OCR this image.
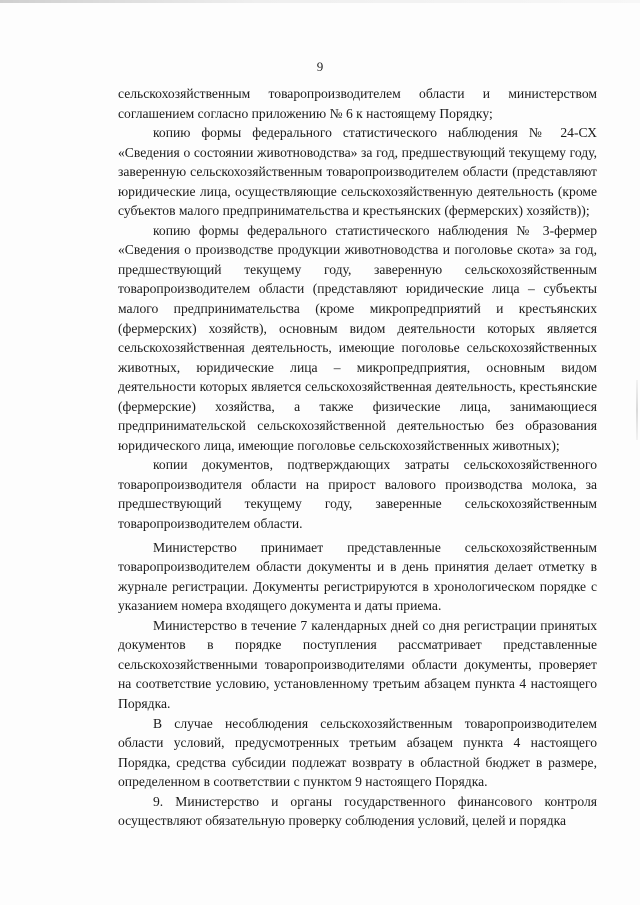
9

сельскохозяйственным товаропроизводителем области и министерством соглашением согласно приложению № 6 к настоящему Порядку;

копию формы федерального статистического наблюдения № 24-СХ «Сведения о состоянии животноводства» за год, предшествующий текущему году, заверенную сельскохозяйственным товаропроизводителем области (представляют юридические лица, осуществляющие сельскохозяйственную деятельность (кроме субъектов малого предпринимательства и крестьянских (фермерских) хозяйств));

копию формы федерального статистического наблюдения № 3-фермер «Сведения о производстве продукции животноводства и поголовье скота» за год, предшествующий текущему году, заверенную сельскохозяйственным товаропроизводителем области (представляют юридические лица – субъекты малого предпринимательства (кроме микропредприятий и крестьянских (фермерских) хозяйств), основным видом деятельности которых является сельскохозяйственная деятельность, имеющие поголовье сельскохозяйственных животных, юридические лица – микропредприятия, основным видом деятельности которых является сельскохозяйственная деятельность, крестьянские (фермерские) хозяйства, а также физические лица, занимающиеся предпринимательской сельскохозяйственной деятельностью без образования юридического лица, имеющие поголовье сельскохозяйственных животных);

копии документов, подтверждающих затраты сельскохозяйственного товаропроизводителя области на прирост валового производства молока, за предшествующий текущему году, заверенные сельскохозяйственным товаропроизводителем области.

Министерство принимает представленные сельскохозяйственным товаропроизводителем области документы и в день принятия делает отметку в журнале регистрации. Документы регистрируются в хронологическом порядке с указанием номера входящего документа и даты приема.

Министерство в течение 7 календарных дней со дня регистрации принятых документов в порядке поступления рассматривает представленные сельскохозяйственными товаропроизводителями области документы, проверяет на соответствие условию, установленному третьим абзацем пункта 4 настоящего Порядка.

В случае несоблюдения сельскохозяйственным товаропроизводителем области условий, предусмотренных третьим абзацем пункта 4 настоящего Порядка, средства субсидии подлежат возврату в областной бюджет в размере, определенном в соответствии с пунктом 9 настоящего Порядка.

9. Министерство и органы государственного финансового контроля осуществляют обязательную проверку соблюдения условий, целей и порядка
